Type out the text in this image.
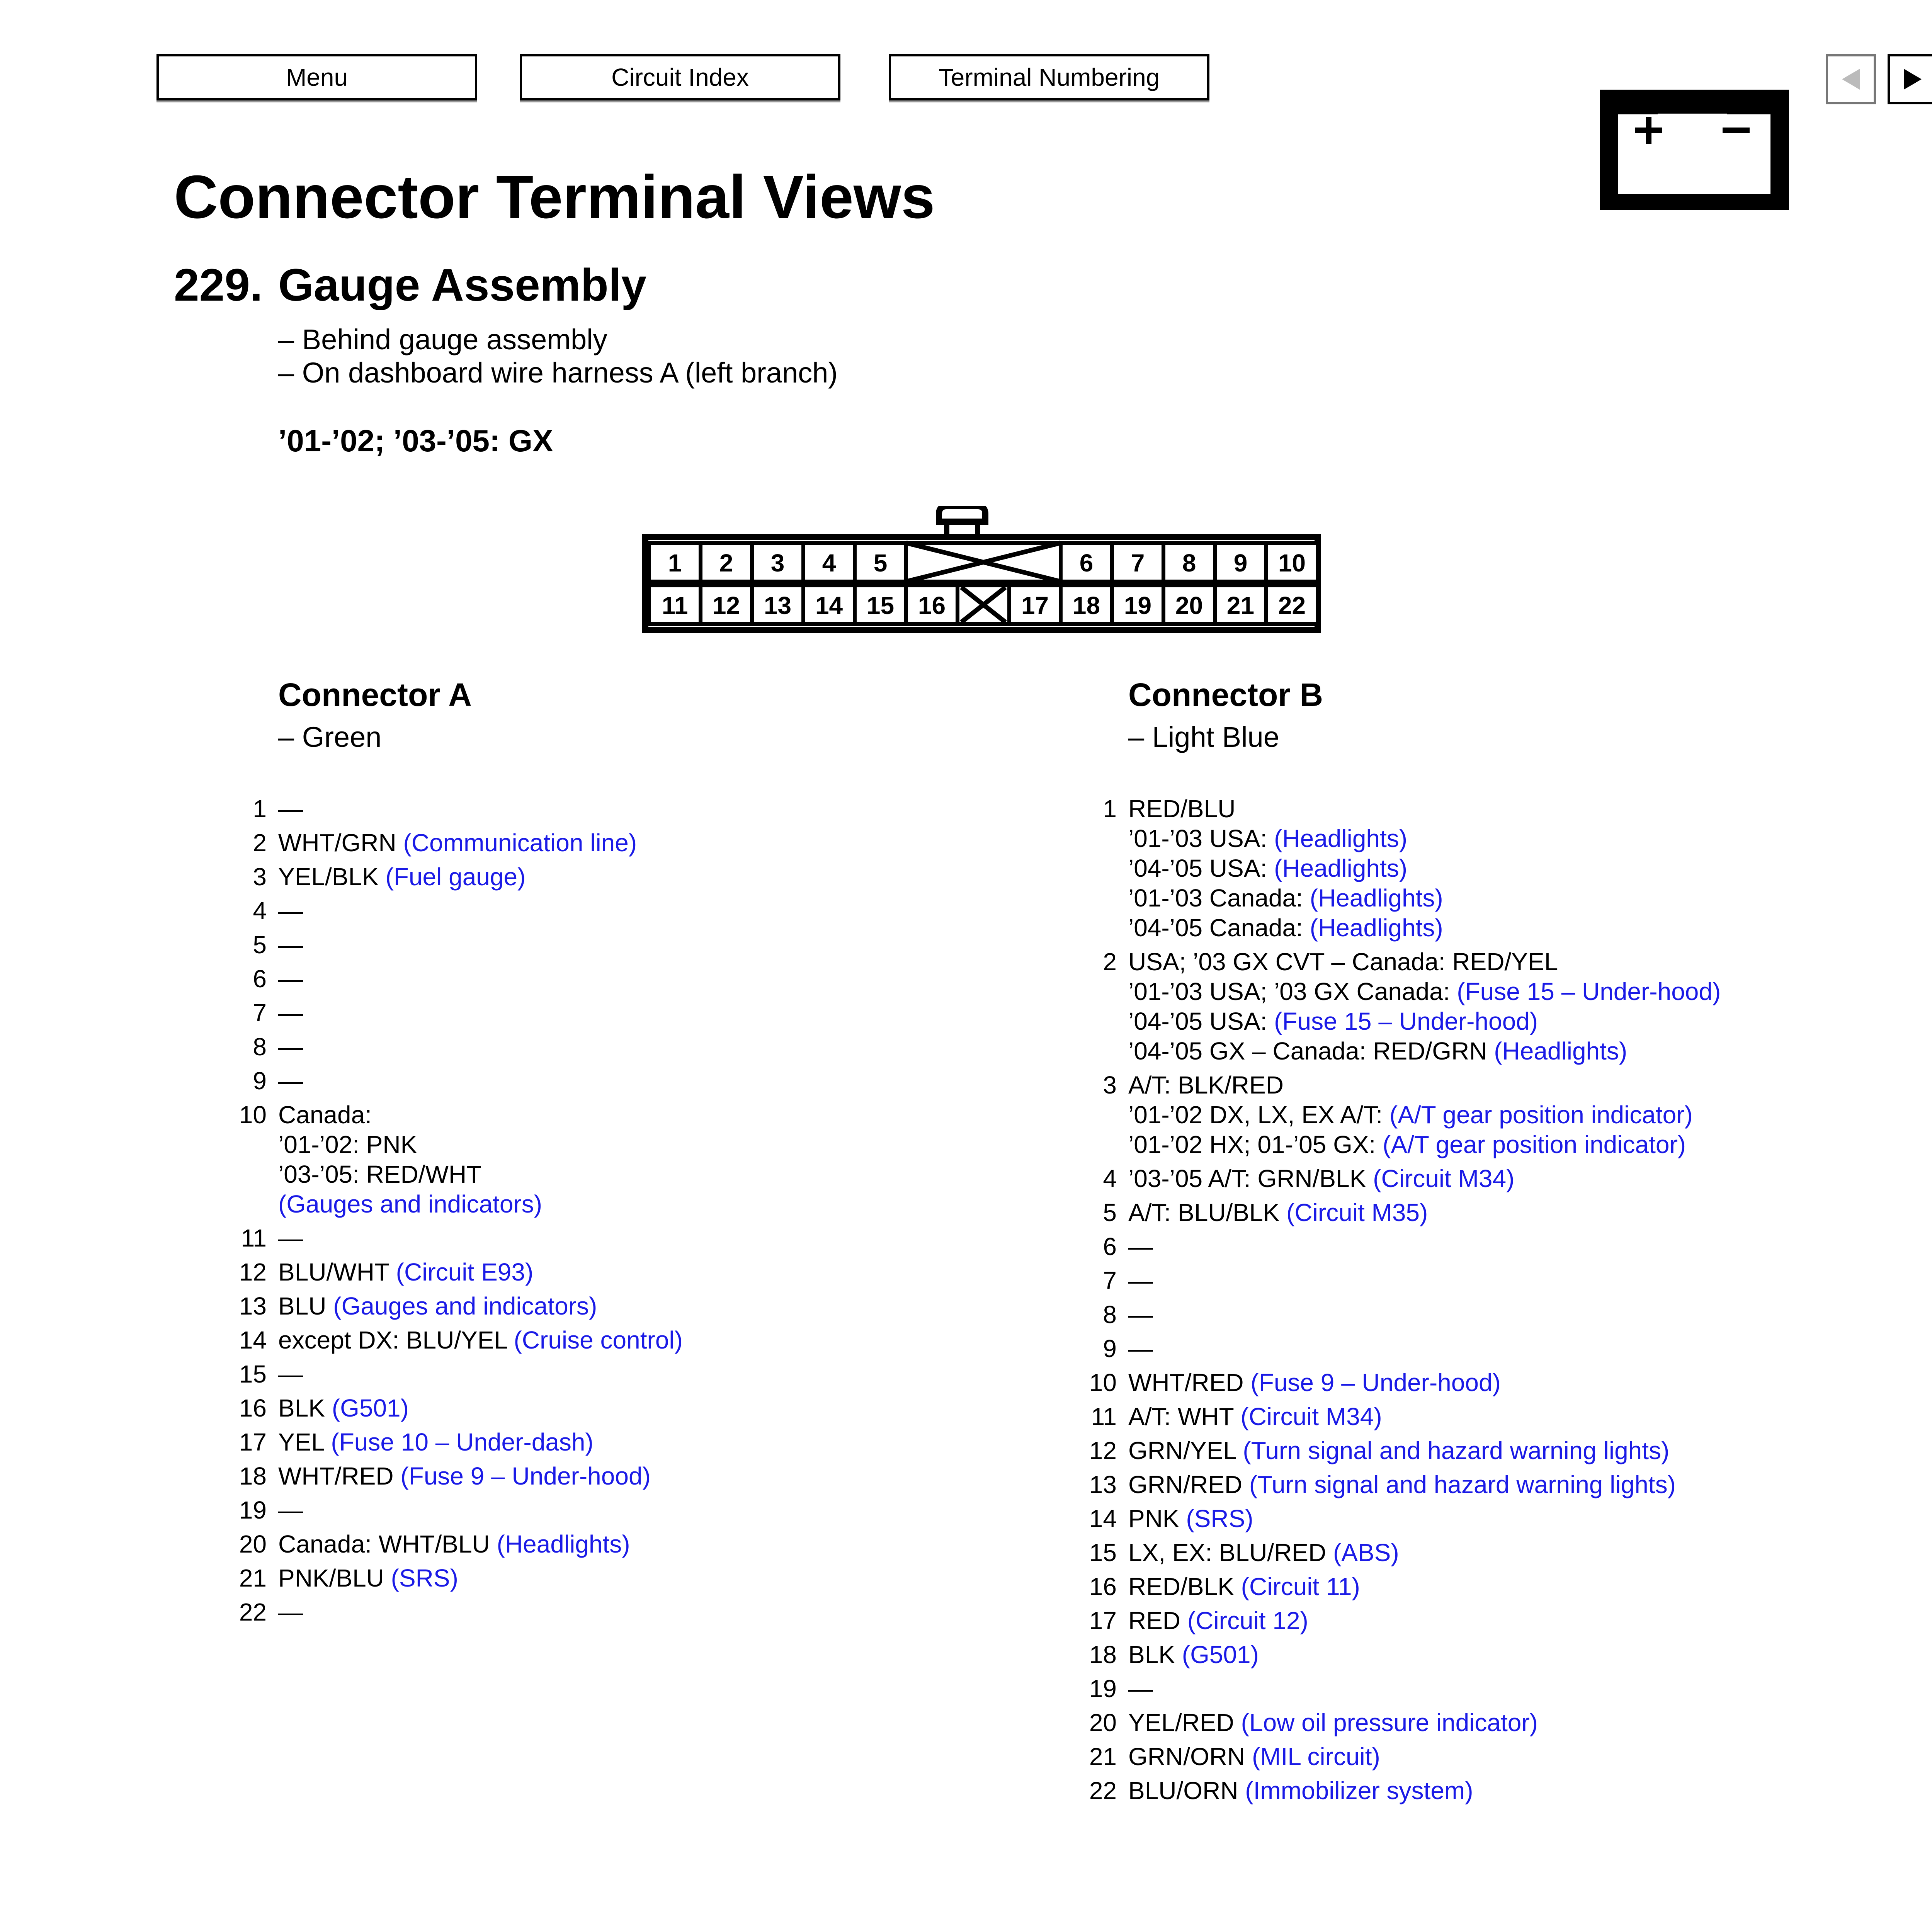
Menu	Circuit Index	Terminal Numbering
Connector Terminal Views
229. Gauge Assembly
– Behind gauge assembly
– On dashboard wire harness A (left branch)
’01-’02; ’03-’05: GX
1 2 3 4 5	6 7 8 9 10
11 12 13 14 15 16	17 18 19 20 21 22
Connector A
– Green
1 —
2 WHT/GRN (Communication line)
3 YEL/BLK (Fuel gauge)
4 —
5 —
6 —
7 —
8 —
9 —
10 Canada:
’01-’02: PNK
’03-’05: RED/WHT
(Gauges and indicators)
11 —
12 BLU/WHT (Circuit E93)
13 BLU (Gauges and indicators)
14 except DX: BLU/YEL (Cruise control)
15 —
16 BLK (G501)
17 YEL (Fuse 10 – Under-dash)
18 WHT/RED (Fuse 9 – Under-hood)
19 —
20 Canada: WHT/BLU (Headlights)
21 PNK/BLU (SRS)
22 —
Connector B
– Light Blue
1 RED/BLU
’01-’03 USA: (Headlights)
’04-’05 USA: (Headlights)
’01-’03 Canada: (Headlights)
’04-’05 Canada: (Headlights)
2 USA; ’03 GX CVT – Canada: RED/YEL
’01-’03 USA; ’03 GX Canada: (Fuse 15 – Under-hood)
’04-’05 USA: (Fuse 15 – Under-hood)
’04-’05 GX – Canada: RED/GRN (Headlights)
3 A/T: BLK/RED
’01-’02 DX, LX, EX A/T: (A/T gear position indicator)
’01-’02 HX; 01-’05 GX: (A/T gear position indicator)
4 ’03-’05 A/T: GRN/BLK (Circuit M34)
5 A/T: BLU/BLK (Circuit M35)
6 —
7 —
8 —
9 —
10 WHT/RED (Fuse 9 – Under-hood)
11 A/T: WHT (Circuit M34)
12 GRN/YEL (Turn signal and hazard warning lights)
13 GRN/RED (Turn signal and hazard warning lights)
14 PNK (SRS)
15 LX, EX: BLU/RED (ABS)
16 RED/BLK (Circuit 11)
17 RED (Circuit 12)
18 BLK (G501)
19 —
20 YEL/RED (Low oil pressure indicator)
21 GRN/ORN (MIL circuit)
22 BLU/ORN (Immobilizer system)
